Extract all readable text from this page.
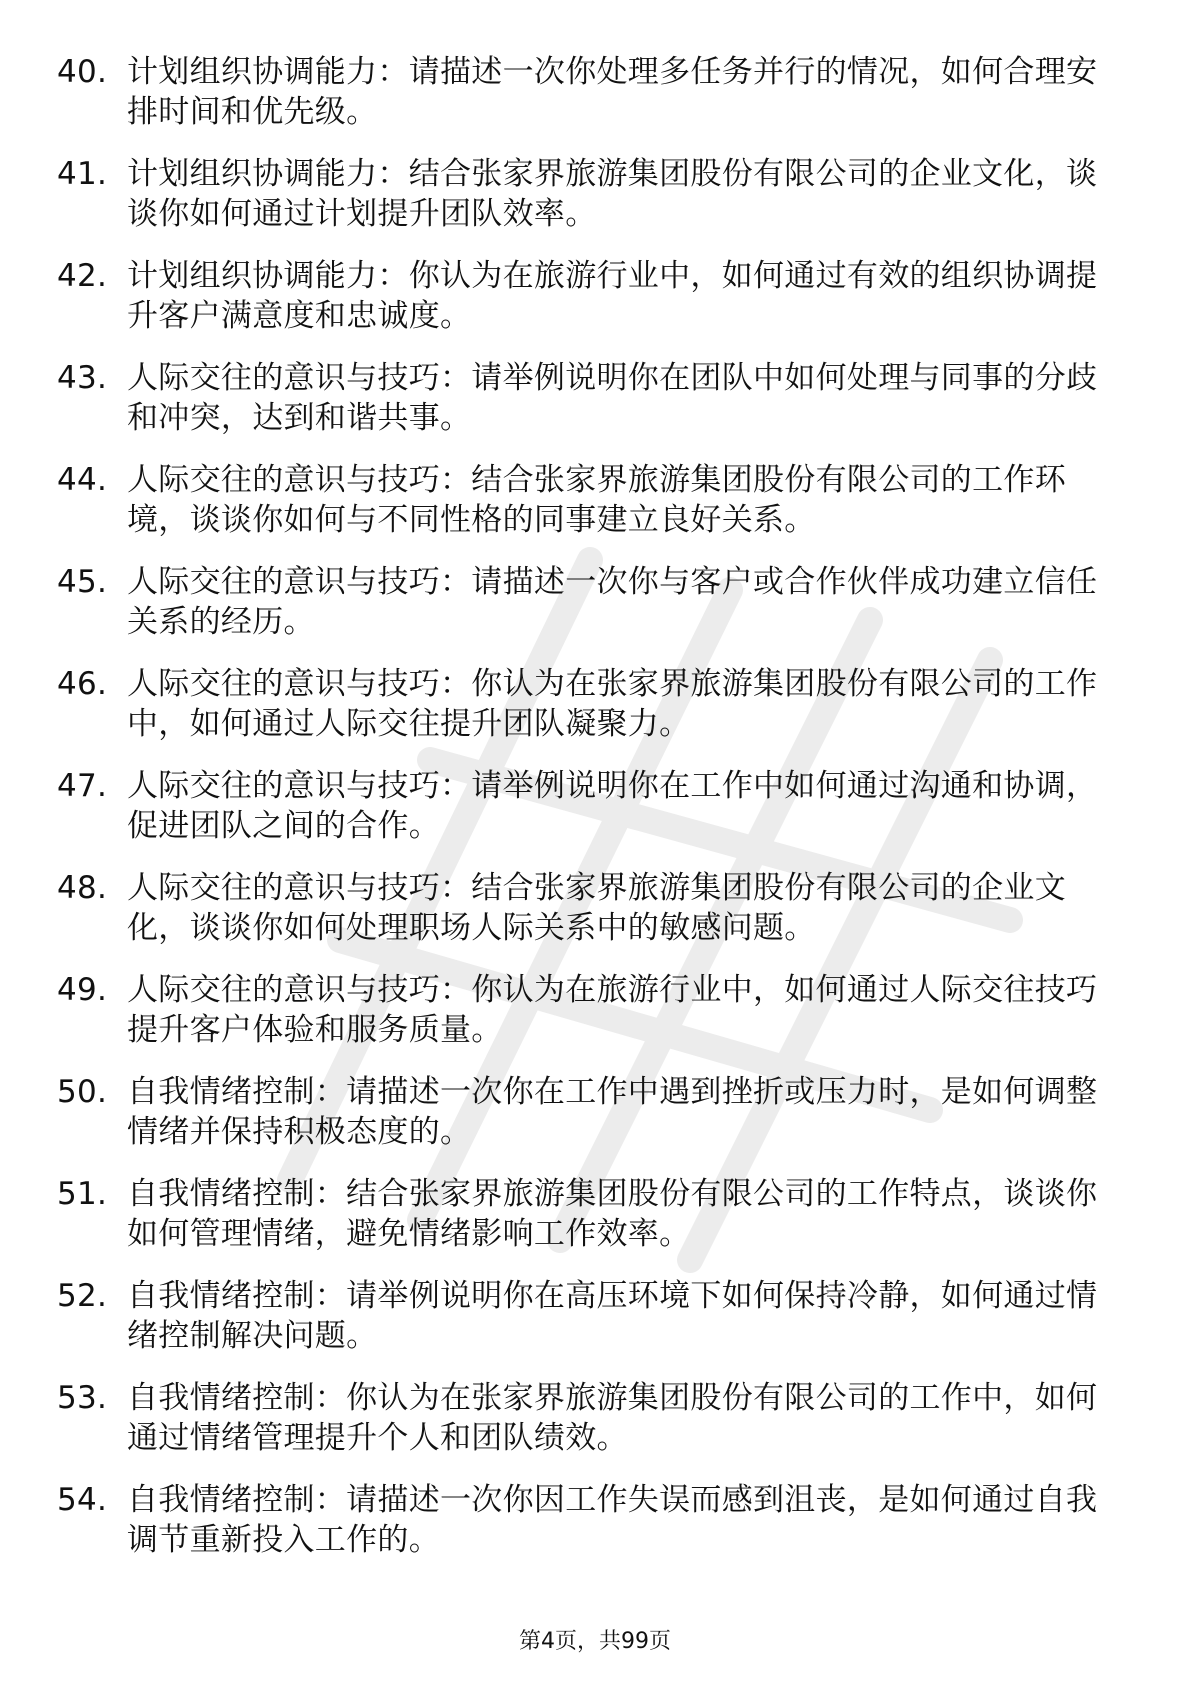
40. 计划组织协调能力：请描述一次你处理多任务并行的情况，如何合理安排时间和优先级。
41. 计划组织协调能力：结合张家界旅游集团股份有限公司的企业文化，谈谈你如何通过计划提升团队效率。
42. 计划组织协调能力：你认为在旅游行业中，如何通过有效的组织协调提升客户满意度和忠诚度。
43. 人际交往的意识与技巧：请举例说明你在团队中如何处理与同事的分歧和冲突，达到和谐共事。
44. 人际交往的意识与技巧：结合张家界旅游集团股份有限公司的工作环境，谈谈你如何与不同性格的同事建立良好关系。
45. 人际交往的意识与技巧：请描述一次你与客户或合作伙伴成功建立信任关系的经历。
46. 人际交往的意识与技巧：你认为在张家界旅游集团股份有限公司的工作中，如何通过人际交往提升团队凝聚力。
47. 人际交往的意识与技巧：请举例说明你在工作中如何通过沟通和协调，促进团队之间的合作。
48. 人际交往的意识与技巧：结合张家界旅游集团股份有限公司的企业文化，谈谈你如何处理职场人际关系中的敏感问题。
49. 人际交往的意识与技巧：你认为在旅游行业中，如何通过人际交往技巧提升客户体验和服务质量。
50. 自我情绪控制：请描述一次你在工作中遇到挫折或压力时，是如何调整情绪并保持积极态度的。
51. 自我情绪控制：结合张家界旅游集团股份有限公司的工作特点，谈谈你如何管理情绪，避免情绪影响工作效率。
52. 自我情绪控制：请举例说明你在高压环境下如何保持冷静，如何通过情绪控制解决问题。
53. 自我情绪控制：你认为在张家界旅游集团股份有限公司的工作中，如何通过情绪管理提升个人和团队绩效。
54. 自我情绪控制：请描述一次你因工作失误而感到沮丧，是如何通过自我调节重新投入工作的。
第4页，共99页
